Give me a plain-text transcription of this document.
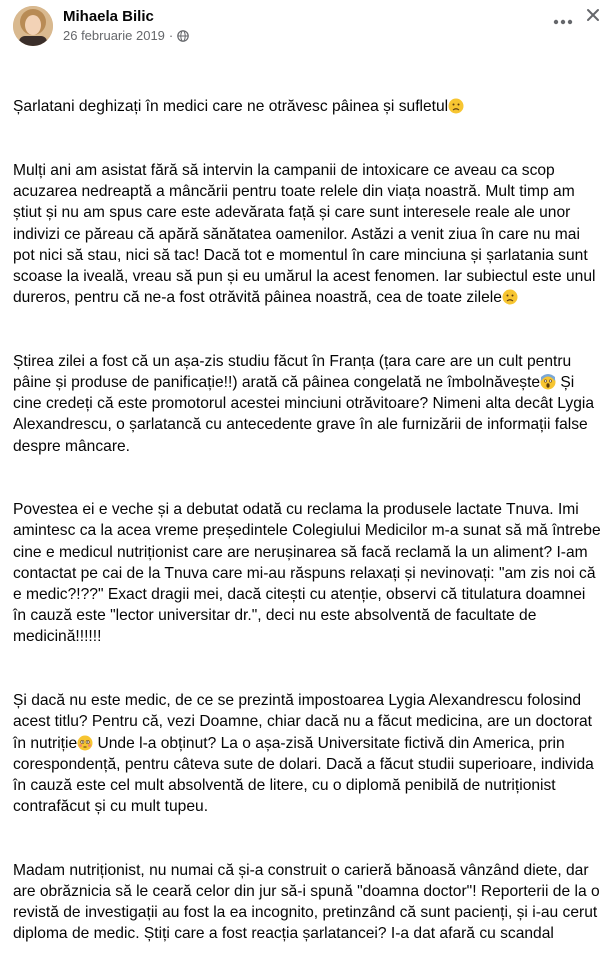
Mihaela Bilic
26 februarie 2019 ·

Șarlatani deghizați în medici care ne otrăvesc pâinea și sufletul

Mulți ani am asistat fără să intervin la campanii de intoxicare ce aveau ca scop acuzarea nedreaptă a mâncării pentru toate relele din viața noastră. Mult timp am știut și nu am spus care este adevărata față și care sunt interesele reale ale unor indivizi ce păreau că apără sănătatea oamenilor. Astăzi a venit ziua în care nu mai pot nici să stau, nici să tac! Dacă tot e momentul în care minciuna și șarlatania sunt scoase la iveală, vreau să pun și eu umărul la acest fenomen. Iar subiectul este unul dureros, pentru că ne-a fost otrăvită pâinea noastră, cea de toate zilele

Știrea zilei a fost că un așa-zis studiu făcut în Franța (țara care are un cult pentru pâine și produse de panificație!!) arată că pâinea congelată ne îmbolnăvește Și cine credeți că este promotorul acestei minciuni otrăvitoare? Nimeni alta decât Lygia Alexandrescu, o șarlatancă cu antecedente grave în ale furnizării de informații false despre mâncare.

Povestea ei e veche și a debutat odată cu reclama la produsele lactate Tnuva. Imi amintesc ca la acea vreme președintele Colegiului Medicilor m-a sunat să mă întrebe cine e medicul nutriționist care are nerușinarea să facă reclamă la un aliment? I-am contactat pe cai de la Tnuva care mi-au răspuns relaxați și nevinovați: "am zis noi că e medic?!??" Exact dragii mei, dacă citești cu atenție, observi că titulatura doamnei în cauză este "lector universitar dr.", deci nu este absolventă de facultate de medicină!!!!!!

Și dacă nu este medic, de ce se prezintă impostoarea Lygia Alexandrescu folosind acest titlu? Pentru că, vezi Doamne, chiar dacă nu a făcut medicina, are un doctorat în nutriție Unde l-a obținut? La o așa-zisă Universitate fictivă din America, prin corespondență, pentru câteva sute de dolari. Dacă a făcut studii superioare, individa în cauză este cel mult absolventă de litere, cu o diplomă penibilă de nutriționist contrafăcut și cu mult tupeu.

Madam nutriționist, nu numai că și-a construit o carieră bănoasă vânzând diete, dar are obrăznicia să le ceară celor din jur să-i spună "doamna doctor"! Reporterii de la o revistă de investigații au fost la ea incognito, pretinzând că sunt pacienți, și i-au cerut diploma de medic. Știți care a fost reacția șarlatancei? I-a dat afară cu scandal
